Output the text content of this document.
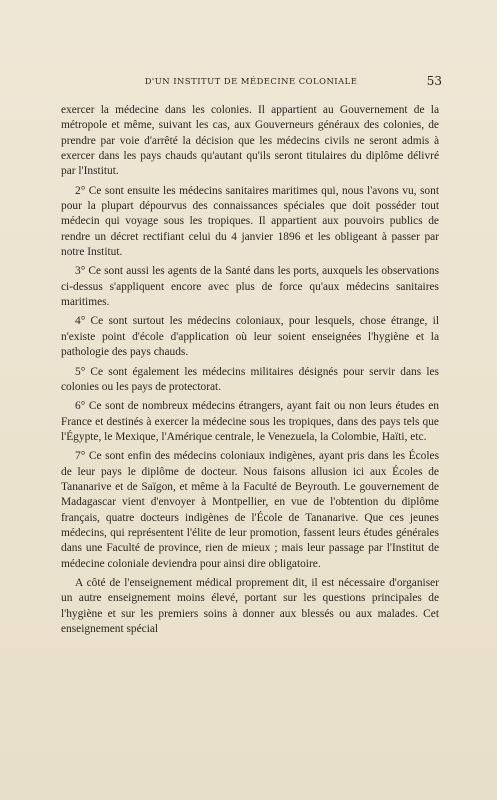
D'UN INSTITUT DE MÉDECINE COLONIALE	53

exercer la médecine dans les colonies. Il appartient au Gouvernement de la métropole et même, suivant les cas, aux Gouverneurs généraux des colonies, de prendre par voie d'arrêté la décision que les médecins civils ne seront admis à exercer dans les pays chauds qu'autant qu'ils seront titulaires du diplôme délivré par l'Institut.

2° Ce sont ensuite les médecins sanitaires maritimes qui, nous l'avons vu, sont pour la plupart dépourvus des connaissances spéciales que doit posséder tout médecin qui voyage sous les tropiques. Il appartient aux pouvoirs publics de rendre un décret rectifiant celui du 4 janvier 1896 et les obligeant à passer par notre Institut.

3° Ce sont aussi les agents de la Santé dans les ports, auxquels les observations ci-dessus s'appliquent encore avec plus de force qu'aux médecins sanitaires maritimes.

4° Ce sont surtout les médecins coloniaux, pour lesquels, chose étrange, il n'existe point d'école d'application où leur soient enseignées l'hygiène et la pathologie des pays chauds.

5° Ce sont également les médecins militaires désignés pour servir dans les colonies ou les pays de protectorat.

6° Ce sont de nombreux médecins étrangers, ayant fait ou non leurs études en France et destinés à exercer la médecine sous les tropiques, dans des pays tels que l'Égypte, le Mexique, l'Amérique centrale, le Venezuela, la Colombie, Haïti, etc.

7° Ce sont enfin des médecins coloniaux indigènes, ayant pris dans les Écoles de leur pays le diplôme de docteur. Nous faisons allusion ici aux Écoles de Tananarive et de Saïgon, et même à la Faculté de Beyrouth. Le gouvernement de Madagascar vient d'envoyer à Montpellier, en vue de l'obtention du diplôme français, quatre docteurs indigènes de l'École de Tananarive. Que ces jeunes médecins, qui représentent l'élite de leur promotion, fassent leurs études générales dans une Faculté de province, rien de mieux ; mais leur passage par l'Institut de médecine coloniale deviendra pour ainsi dire obligatoire.

A côté de l'enseignement médical proprement dit, il est nécessaire d'organiser un autre enseignement moins élevé, portant sur les questions principales de l'hygiène et sur les premiers soins à donner aux blessés ou aux malades. Cet enseignement spécial
